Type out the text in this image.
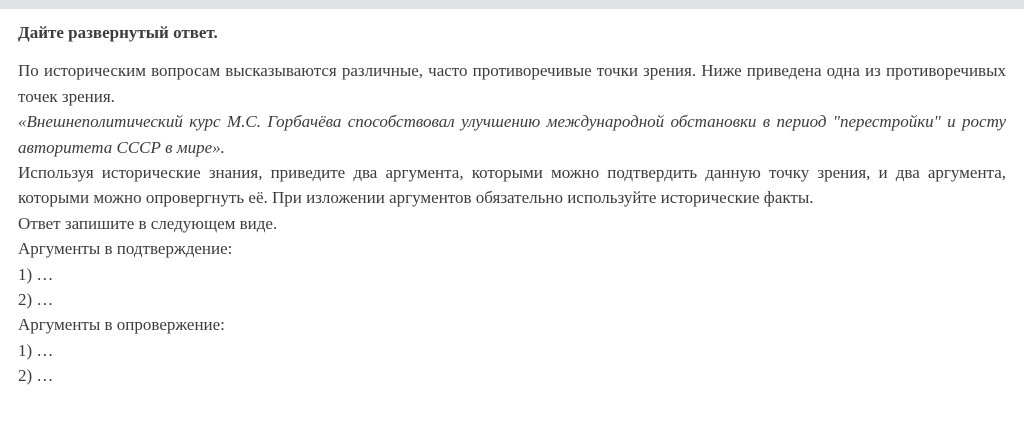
Дайте развернутый ответ.

По историческим вопросам высказываются различные, часто противоречивые точки зрения. Ниже приведена одна из противоречивых точек зрения.

«Внешнеполитический курс М.С. Горбачёва способствовал улучшению международной обстановки в период "перестройки" и росту авторитета СССР в мире».

Используя исторические знания, приведите два аргумента, которыми можно подтвердить данную точку зрения, и два аргумента, которыми можно опровергнуть её. При изложении аргументов обязательно используйте исторические факты.

Ответ запишите в следующем виде.
Аргументы в подтверждение:
1) …
2) …
Аргументы в опровержение:
1) …
2) …
